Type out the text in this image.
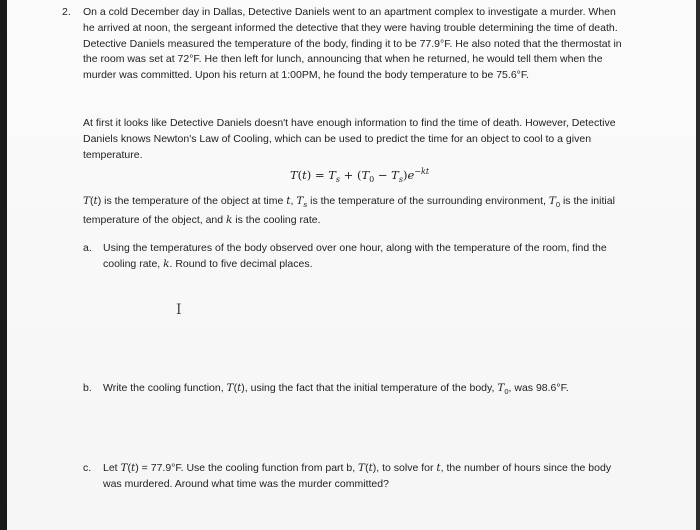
2. On a cold December day in Dallas, Detective Daniels went to an apartment complex to investigate a murder. When he arrived at noon, the sergeant informed the detective that they were having trouble determining the time of death. Detective Daniels measured the temperature of the body, finding it to be 77.9°F. He also noted that the thermostat in the room was set at 72°F. He then left for lunch, announcing that when he returned, he would tell them when the murder was committed. Upon his return at 1:00PM, he found the body temperature to be 75.6°F.
At first it looks like Detective Daniels doesn't have enough information to find the time of death. However, Detective Daniels knows Newton's Law of Cooling, which can be used to predict the time for an object to cool to a given temperature.
$T(t) = T_s + (T_0 - T_s)e^{-kt}$
T(t) is the temperature of the object at time t, $T_s$ is the temperature of the surrounding environment, $T_0$ is the initial temperature of the object, and k is the cooling rate.
a. Using the temperatures of the body observed over one hour, along with the temperature of the room, find the cooling rate, k. Round to five decimal places.
I
b. Write the cooling function, T(t), using the fact that the initial temperature of the body, $T_0$, was 98.6°F.
c. Let T(t) = 77.9°F. Use the cooling function from part b, T(t), to solve for t, the number of hours since the body was murdered. Around what time was the murder committed?
